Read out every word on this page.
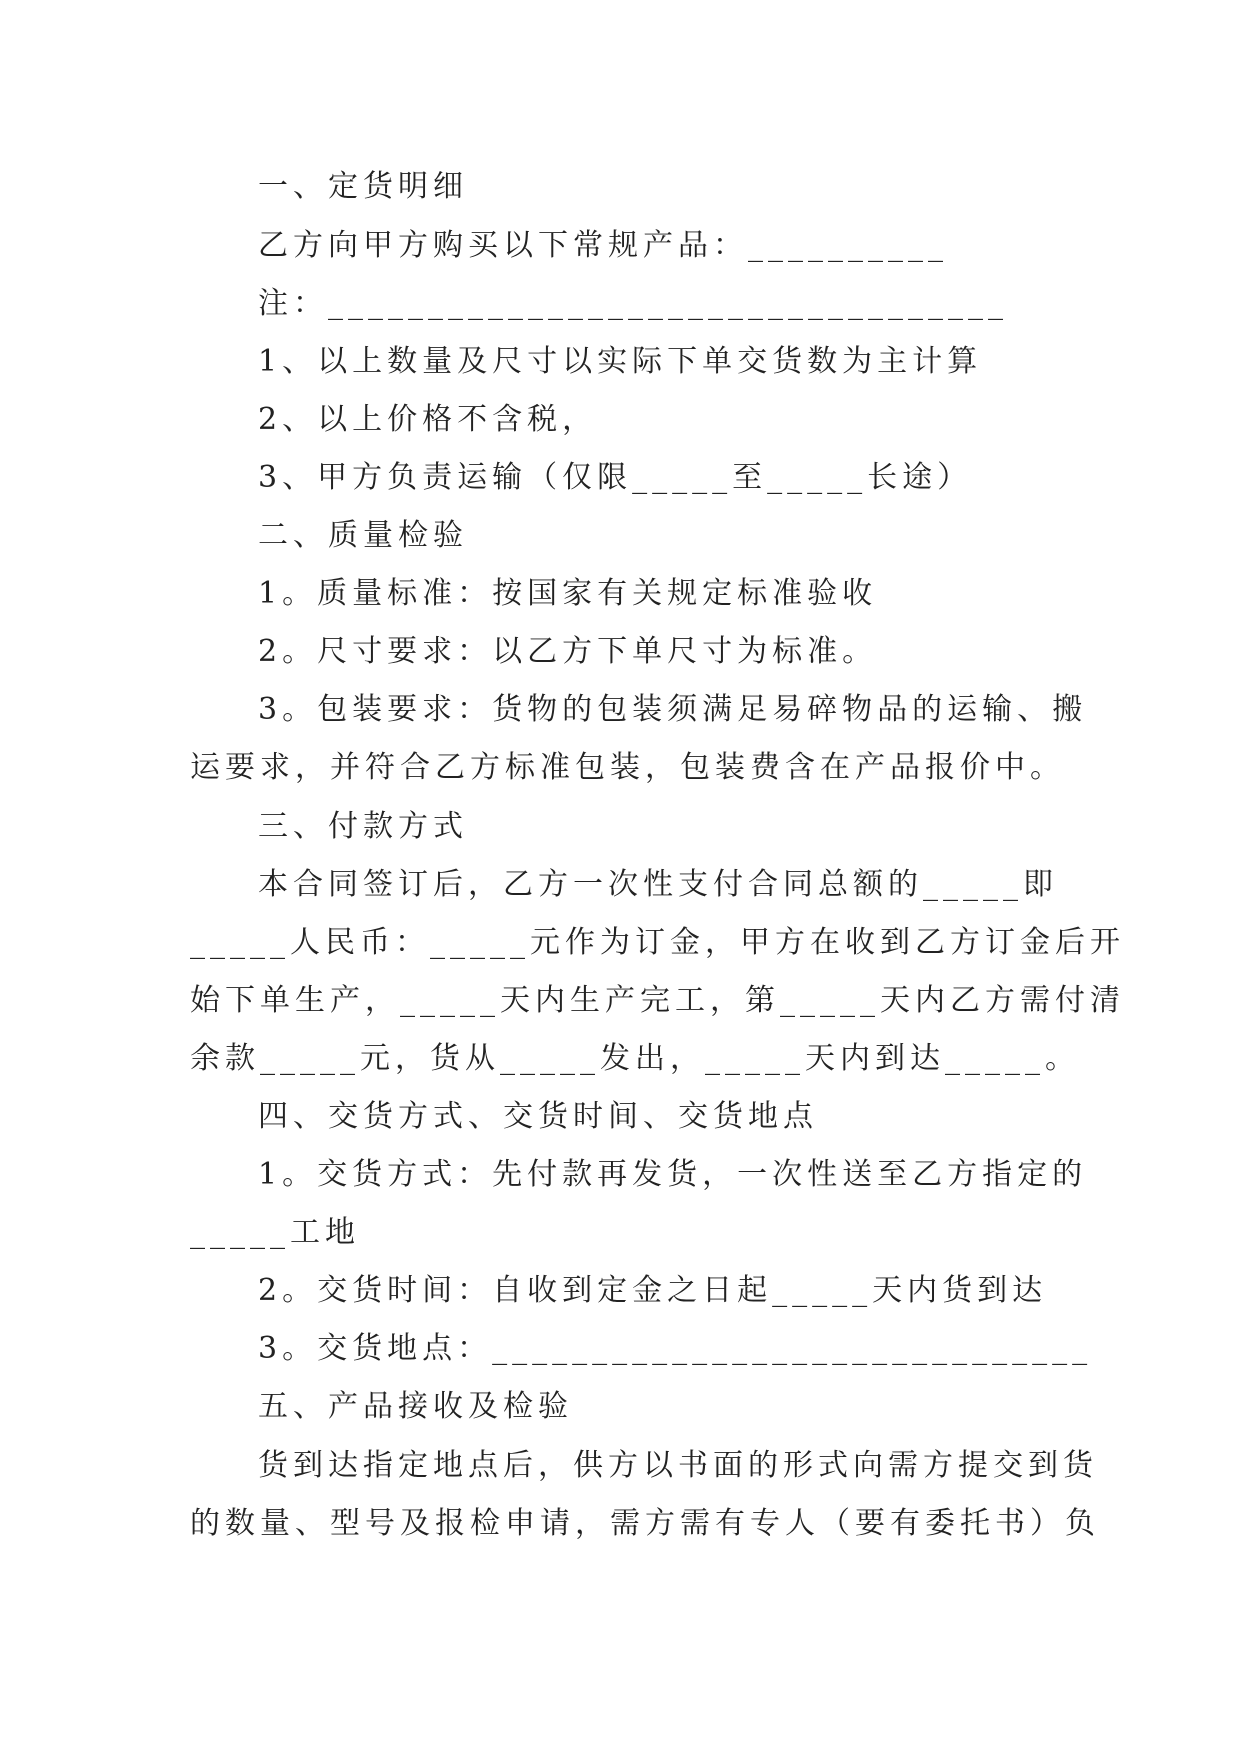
一、定货明细
乙方向甲方购买以下常规产品：__________
注：__________________________________
1、以上数量及尺寸以实际下单交货数为主计算
2、以上价格不含税，
3、甲方负责运输（仅限_____至_____长途）
二、质量检验
1。质量标准：按国家有关规定标准验收
2。尺寸要求：以乙方下单尺寸为标准。
3。包装要求：货物的包装须满足易碎物品的运输、搬
运要求，并符合乙方标准包装，包装费含在产品报价中。
三、付款方式
本合同签订后，乙方一次性支付合同总额的_____即
_____人民币：_____元作为订金，甲方在收到乙方订金后开
始下单生产，_____天内生产完工，第_____天内乙方需付清
余款_____元，货从_____发出，_____天内到达_____。
四、交货方式、交货时间、交货地点
1。交货方式：先付款再发货，一次性送至乙方指定的
_____工地
2。交货时间：自收到定金之日起_____天内货到达
3。交货地点：______________________________
五、产品接收及检验
货到达指定地点后，供方以书面的形式向需方提交到货
的数量、型号及报检申请，需方需有专人（要有委托书）负
